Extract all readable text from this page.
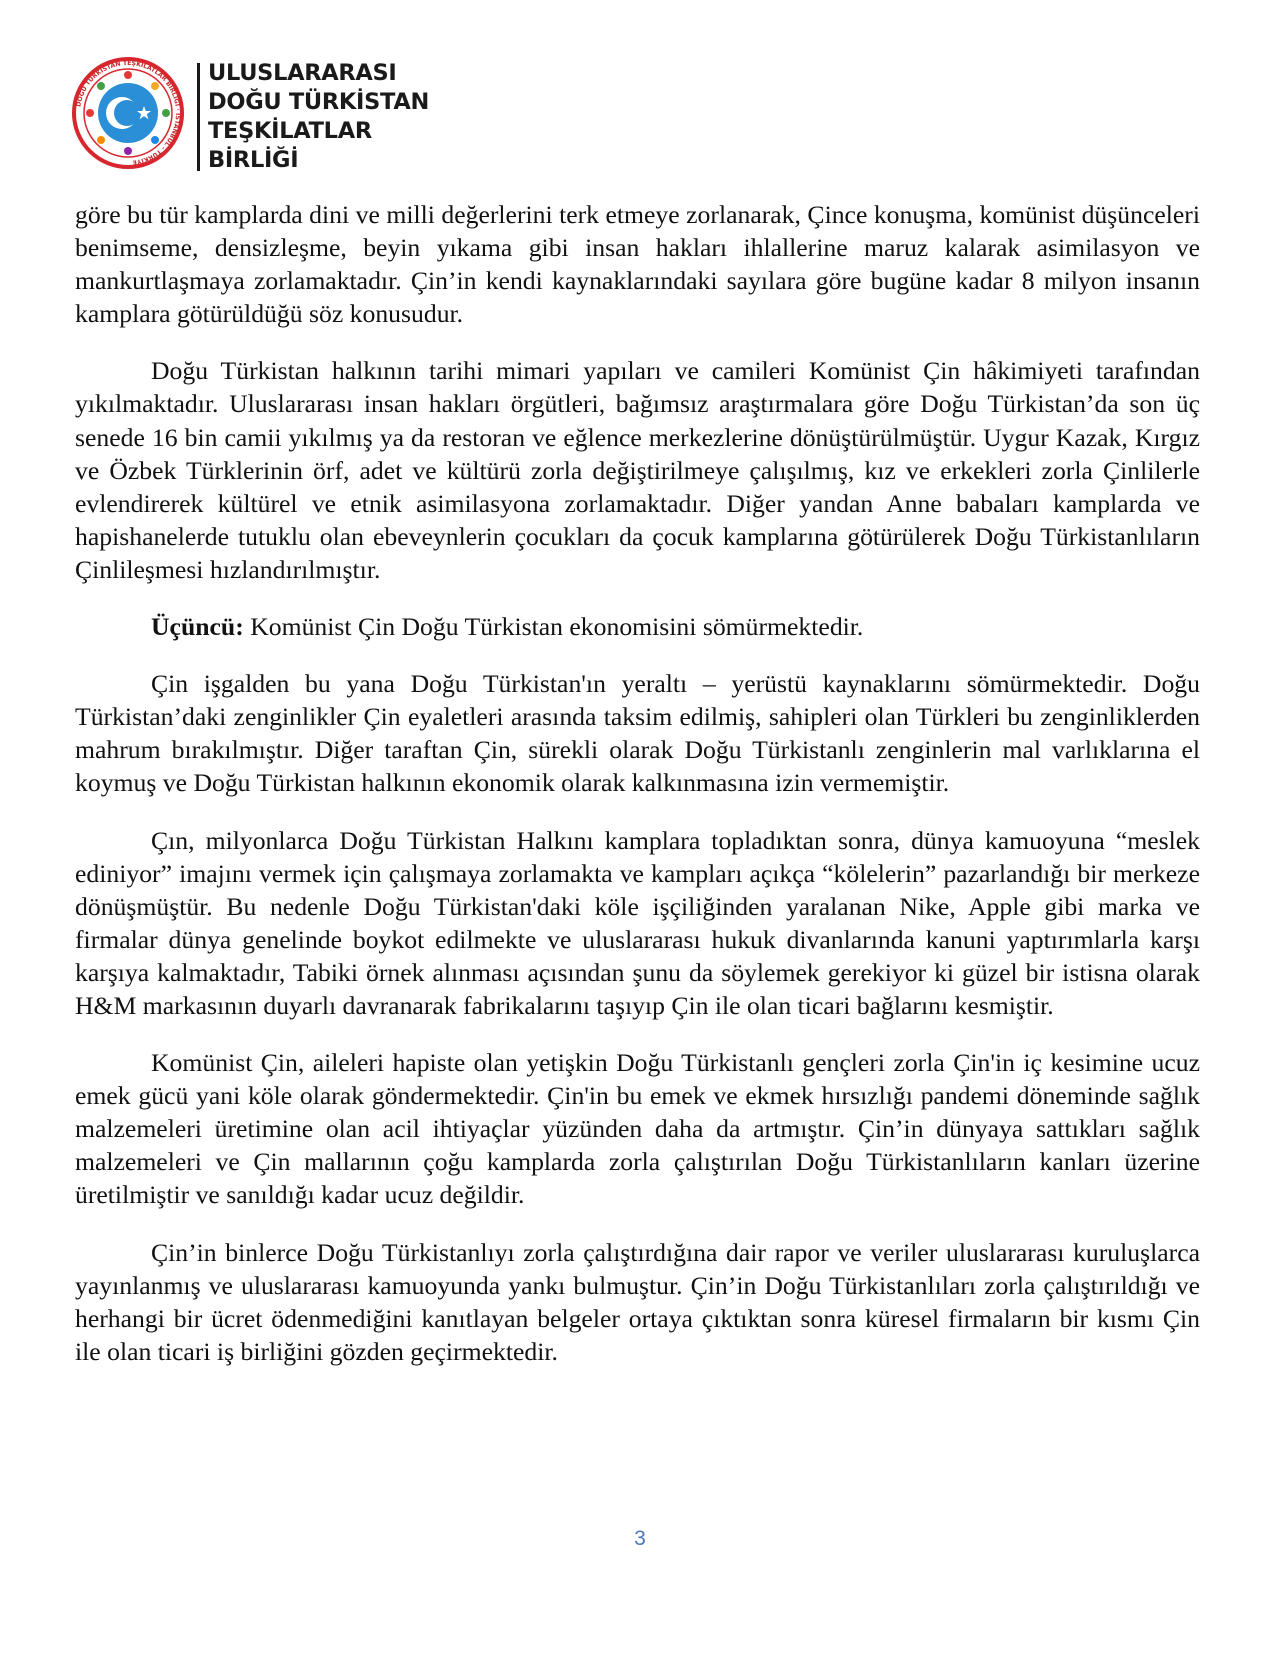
DOĞU TÜRKİSTAN TEŞKİLATLAR BİRLİĞİ · İSTANBUL - TÜRKİYE
ULUSLARARASI
DOĞU TÜRKİSTAN
TEŞKİLATLAR
BİRLİĞİ

göre bu tür kamplarda dini ve milli değerlerini terk etmeye zorlanarak, Çince konuşma, komünist düşünceleri benimseme, densizleşme, beyin yıkama gibi insan hakları ihlallerine maruz kalarak asimilasyon ve mankurtlaşmaya zorlamaktadır. Çin’in kendi kaynaklarındaki sayılara göre bugüne kadar 8 milyon insanın kamplara götürüldüğü söz konusudur.

Doğu Türkistan halkının tarihi mimari yapıları ve camileri Komünist Çin hâkimiyeti tarafından yıkılmaktadır. Uluslararası insan hakları örgütleri, bağımsız araştırmalara göre Doğu Türkistan’da son üç senede 16 bin camii yıkılmış ya da restoran ve eğlence merkezlerine dönüştürülmüştür. Uygur Kazak, Kırgız ve Özbek Türklerinin örf, adet ve kültürü zorla değiştirilmeye çalışılmış, kız ve erkekleri zorla Çinlilerle evlendirerek kültürel ve etnik asimilasyona zorlamaktadır. Diğer yandan Anne babaları kamplarda ve hapishanelerde tutuklu olan ebeveynlerin çocukları da çocuk kamplarına götürülerek Doğu Türkistanlıların Çinlileşmesi hızlandırılmıştır.

Üçüncü: Komünist Çin Doğu Türkistan ekonomisini sömürmektedir.

Çin işgalden bu yana Doğu Türkistan'ın yeraltı – yerüstü kaynaklarını sömürmektedir. Doğu Türkistan’daki zenginlikler Çin eyaletleri arasında taksim edilmiş, sahipleri olan Türkleri bu zenginliklerden mahrum bırakılmıştır. Diğer taraftan Çin, sürekli olarak Doğu Türkistanlı zenginlerin mal varlıklarına el koymuş ve Doğu Türkistan halkının ekonomik olarak kalkınmasına izin vermemiştir.

Çın, milyonlarca Doğu Türkistan Halkını kamplara topladıktan sonra, dünya kamuoyuna “meslek ediniyor” imajını vermek için çalışmaya zorlamakta ve kampları açıkça “kölelerin” pazarlandığı bir merkeze dönüşmüştür. Bu nedenle Doğu Türkistan'daki köle işçiliğinden yaralanan Nike, Apple gibi marka ve firmalar dünya genelinde boykot edilmekte ve uluslararası hukuk divanlarında kanuni yaptırımlarla karşı karşıya kalmaktadır, Tabiki örnek alınması açısından şunu da söylemek gerekiyor ki güzel bir istisna olarak H&M markasının duyarlı davranarak fabrikalarını taşıyıp Çin ile olan ticari bağlarını kesmiştir.

Komünist Çin, aileleri hapiste olan yetişkin Doğu Türkistanlı gençleri zorla Çin'in iç kesimine ucuz emek gücü yani köle olarak göndermektedir. Çin'in bu emek ve ekmek hırsızlığı pandemi döneminde sağlık malzemeleri üretimine olan acil ihtiyaçlar yüzünden daha da artmıştır. Çin’in dünyaya sattıkları sağlık malzemeleri ve Çin mallarının çoğu kamplarda zorla çalıştırılan Doğu Türkistanlıların kanları üzerine üretilmiştir ve sanıldığı kadar ucuz değildir.

Çin’in binlerce Doğu Türkistanlıyı zorla çalıştırdığına dair rapor ve veriler uluslararası kuruluşlarca yayınlanmış ve uluslararası kamuoyunda yankı bulmuştur. Çin’in Doğu Türkistanlıları zorla çalıştırıldığı ve herhangi bir ücret ödenmediğini kanıtlayan belgeler ortaya çıktıktan sonra küresel firmaların bir kısmı Çin ile olan ticari iş birliğini gözden geçirmektedir.

3
